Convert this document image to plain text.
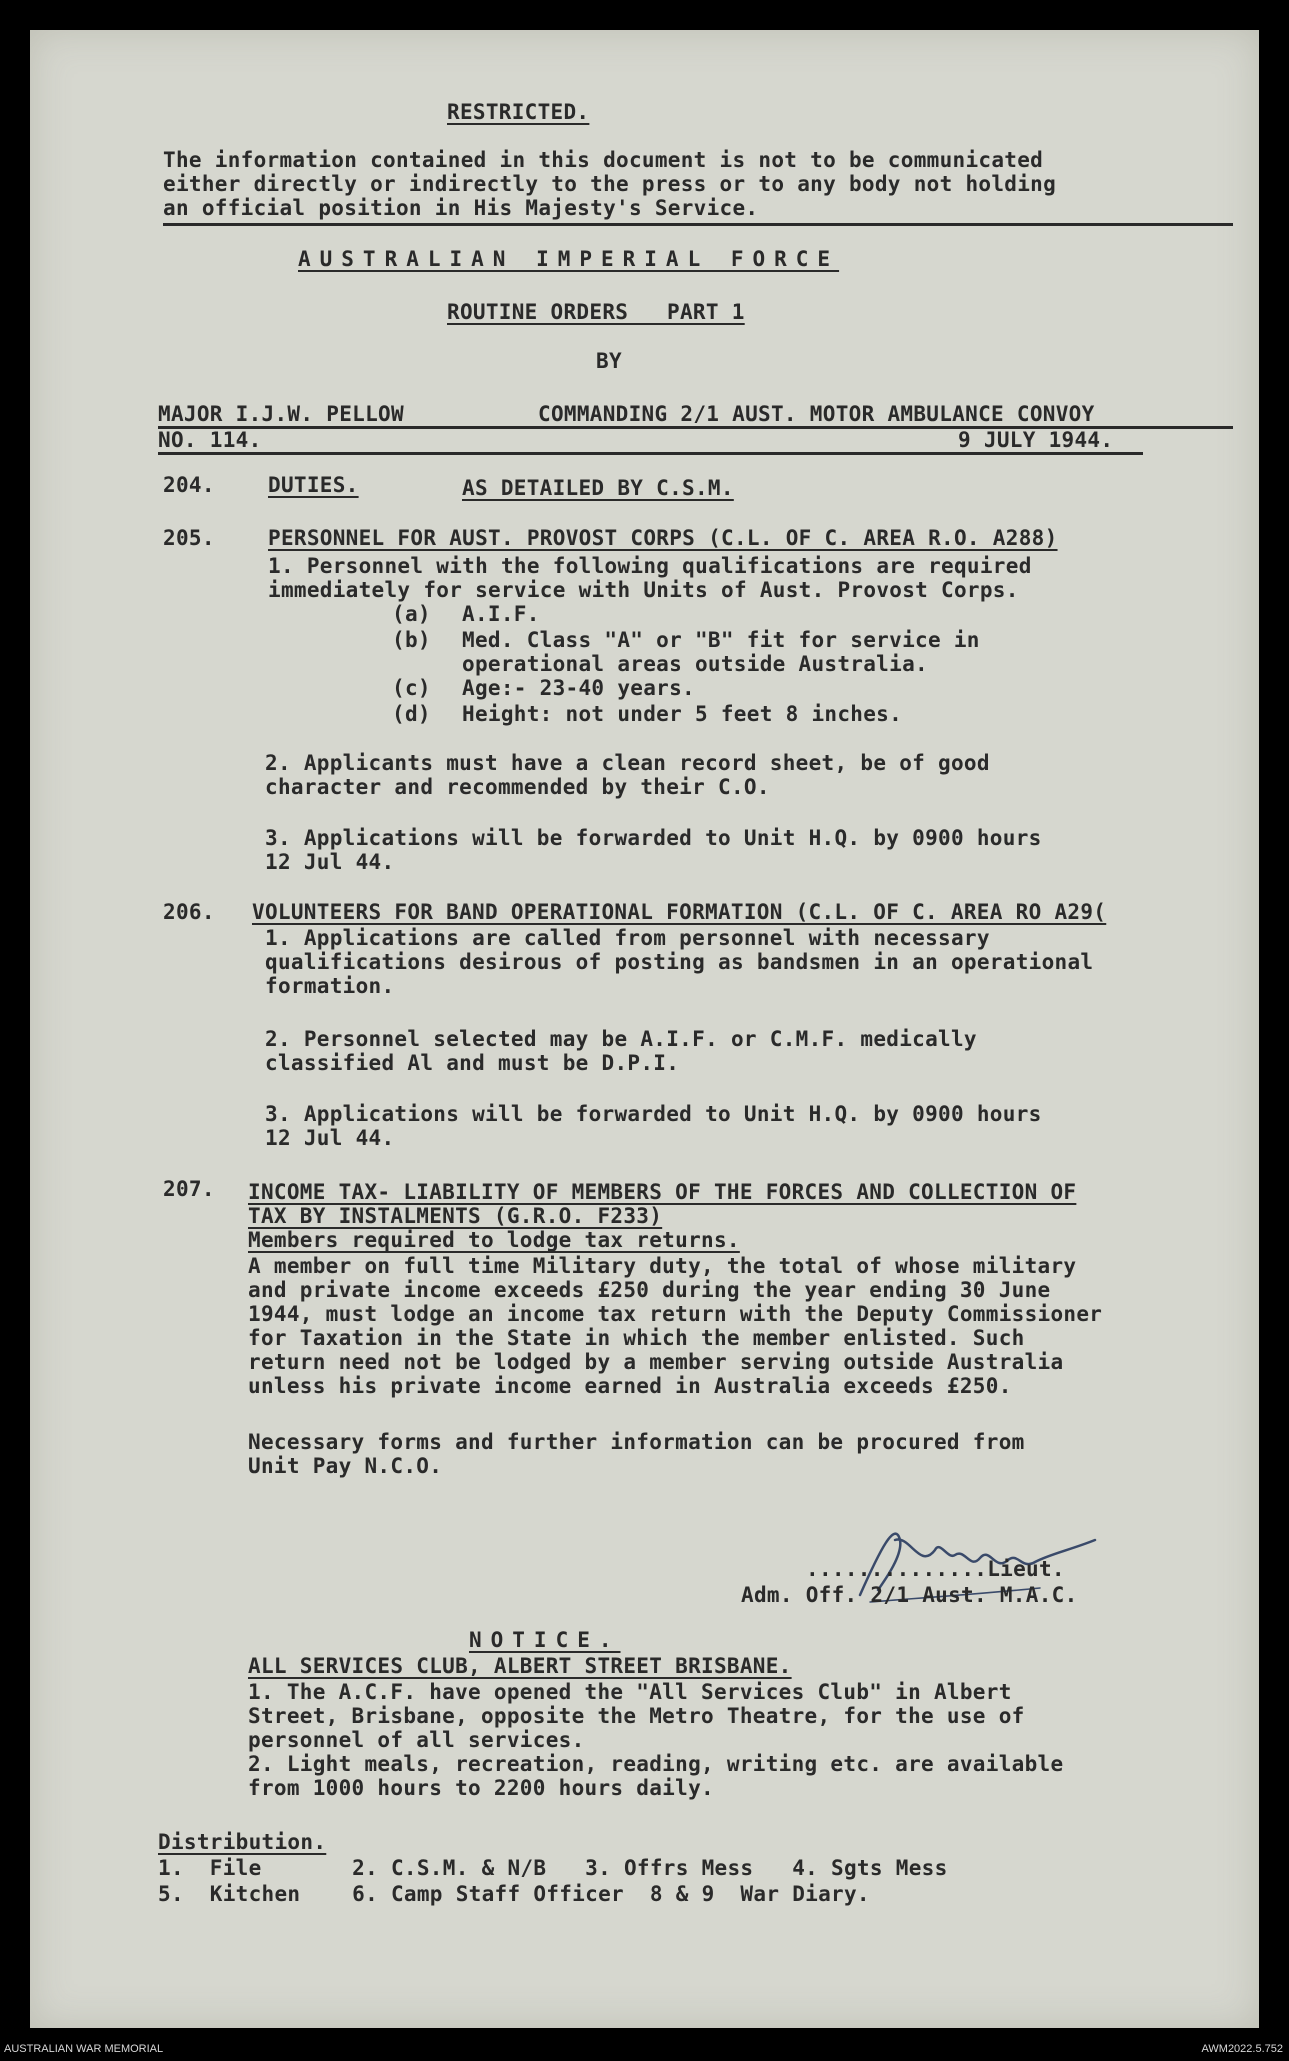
RESTRICTED.
The information contained in this document is not to be communicated
either directly or indirectly to the press or to any body not holding
an official position in His Majesty's Service.
AUSTRALIAN IMPERIAL FORCE
ROUTINE ORDERS   PART 1
BY
MAJOR I.J.W. PELLOW	COMMANDING 2/1 AUST. MOTOR AMBULANCE CONVOY
NO. 114.	9 JULY 1944.
204.	DUTIES.	AS DETAILED BY C.S.M.
205.	PERSONNEL FOR AUST. PROVOST CORPS (C.L. OF C. AREA R.O. A288)
1. Personnel with the following qualifications are required
immediately for service with Units of Aust. Provost Corps.
(a) A.I.F.
(b) Med. Class "A" or "B" fit for service in
operational areas outside Australia.
(c) Age:- 23-40 years.
(d) Height: not under 5 feet 8 inches.
2. Applicants must have a clean record sheet, be of good
character and recommended by their C.O.
3. Applications will be forwarded to Unit H.Q. by 0900 hours
12 Jul 44.
206. VOLUNTEERS FOR BAND OPERATIONAL FORMATION (C.L. OF C. AREA RO A29(
1. Applications are called from personnel with necessary
qualifications desirous of posting as bandsmen in an operational
formation.
2. Personnel selected may be A.I.F. or C.M.F. medically
classified Al and must be D.P.I.
3. Applications will be forwarded to Unit H.Q. by 0900 hours
12 Jul 44.
207. INCOME TAX- LIABILITY OF MEMBERS OF THE FORCES AND COLLECTION OF
TAX BY INSTALMENTS (G.R.O. F233)
Members required to lodge tax returns.
A member on full time Military duty, the total of whose military
and private income exceeds £250 during the year ending 30 June
1944, must lodge an income tax return with the Deputy Commissioner
for Taxation in the State in which the member enlisted. Such
return need not be lodged by a member serving outside Australia
unless his private income earned in Australia exceeds £250.
Necessary forms and further information can be procured from
Unit Pay N.C.O.
..............Lieut.
Adm. Off. 2/1 Aust. M.A.C.
NOTICE.
ALL SERVICES CLUB, ALBERT STREET BRISBANE.
1. The A.C.F. have opened the "All Services Club" in Albert
Street, Brisbane, opposite the Metro Theatre, for the use of
personnel of all services.
2. Light meals, recreation, reading, writing etc. are available
from 1000 hours to 2200 hours daily.
Distribution.
1.  File       2. C.S.M. & N/B   3. Offrs Mess   4. Sgts Mess
5.  Kitchen    6. Camp Staff Officer  8 & 9  War Diary.
AUSTRALIAN WAR MEMORIAL	AWM2022.5.752
